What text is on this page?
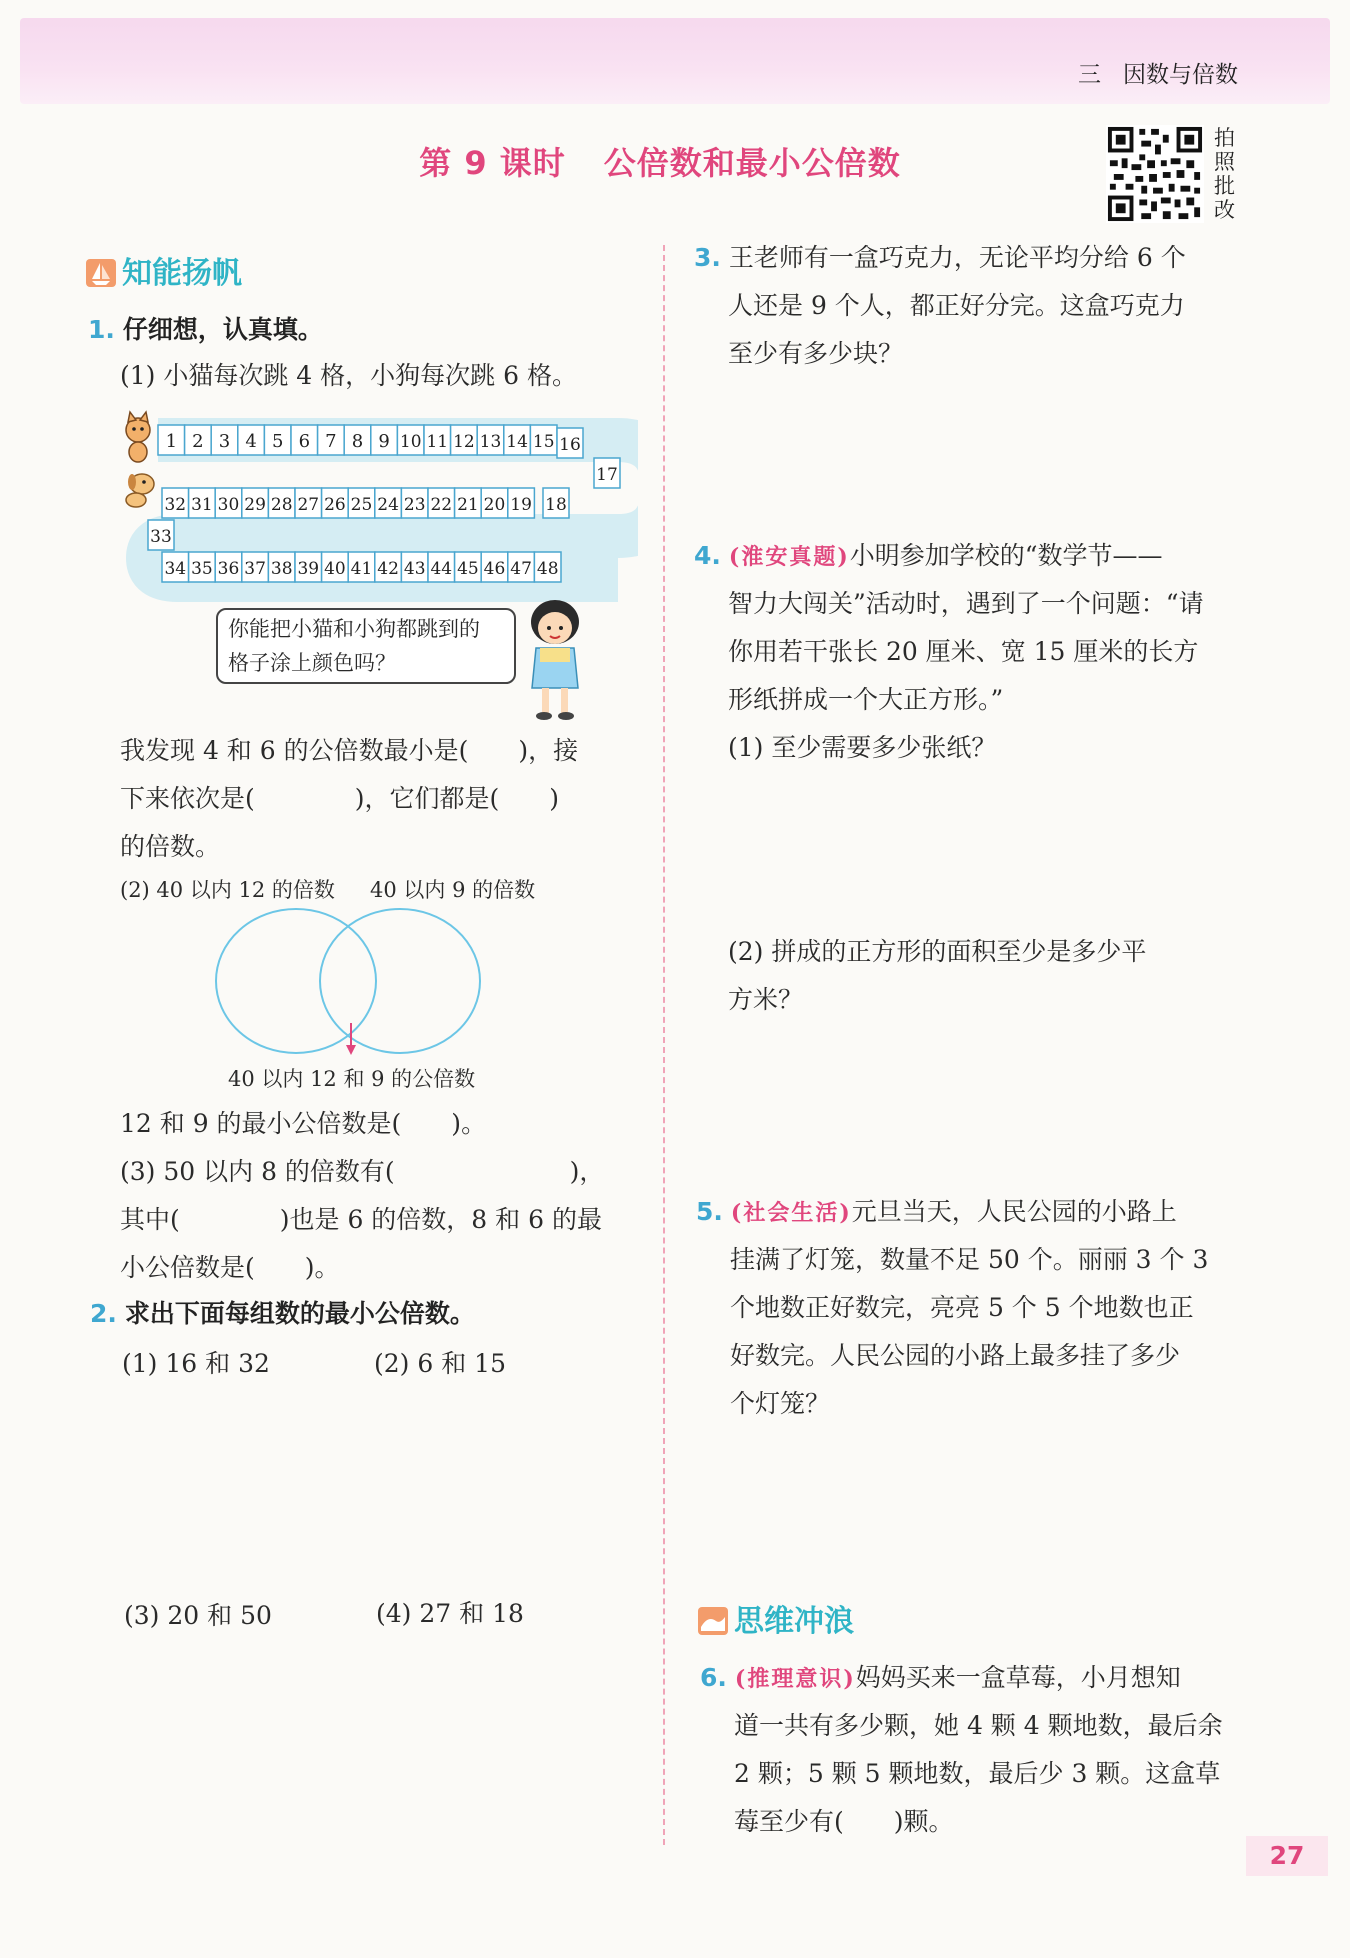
三 因数与倍数
第 9 课时 公倍数和最小公倍数
拍
照
批
改
知能扬帆
1. 仔细想，认真填。
(1) 小猫每次跳 4 格，小狗每次跳 6 格。
1 2 3 4 5 6 7 8 9 10 11 12 13 14 15 16
17
18
32 31 30 29 28 27 26 25 24 23 22 21 20 19
33
34 35 36 37 38 39 40 41 42 43 44 45 46 47 48
你能把小猫和小狗都跳到的
格子涂上颜色吗？
我发现 4 和 6 的公倍数最小是(　　)，接
下来依次是(　　　　)，它们都是(　　)
的倍数。
(2) 40 以内 12 的倍数 40 以内 9 的倍数
40 以内 12 和 9 的公倍数
12 和 9 的最小公倍数是(　　)。
(3) 50 以内 8 的倍数有(　　　　　　　)，
其中(　　　　)也是 6 的倍数，8 和 6 的最
小公倍数是(　　)。
2. 求出下面每组数的最小公倍数。
(1) 16 和 32	(2) 6 和 15
(3) 20 和 50	(4) 27 和 18
3. 王老师有一盒巧克力，无论平均分给 6 个
人还是 9 个人，都正好分完。这盒巧克力
至少有多少块？
4. (淮安真题)小明参加学校的“数学节——
智力大闯关”活动时，遇到了一个问题：“请
你用若干张长 20 厘米、宽 15 厘米的长方
形纸拼成一个大正方形。”
(1) 至少需要多少张纸？
(2) 拼成的正方形的面积至少是多少平
方米？
5. (社会生活)元旦当天，人民公园的小路上
挂满了灯笼，数量不足 50 个。丽丽 3 个 3
个地数正好数完，亮亮 5 个 5 个地数也正
好数完。人民公园的小路上最多挂了多少
个灯笼？
思维冲浪
6. (推理意识)妈妈买来一盒草莓，小月想知
道一共有多少颗，她 4 颗 4 颗地数，最后余
2 颗；5 颗 5 颗地数，最后少 3 颗。这盒草
莓至少有(　　)颗。
27
